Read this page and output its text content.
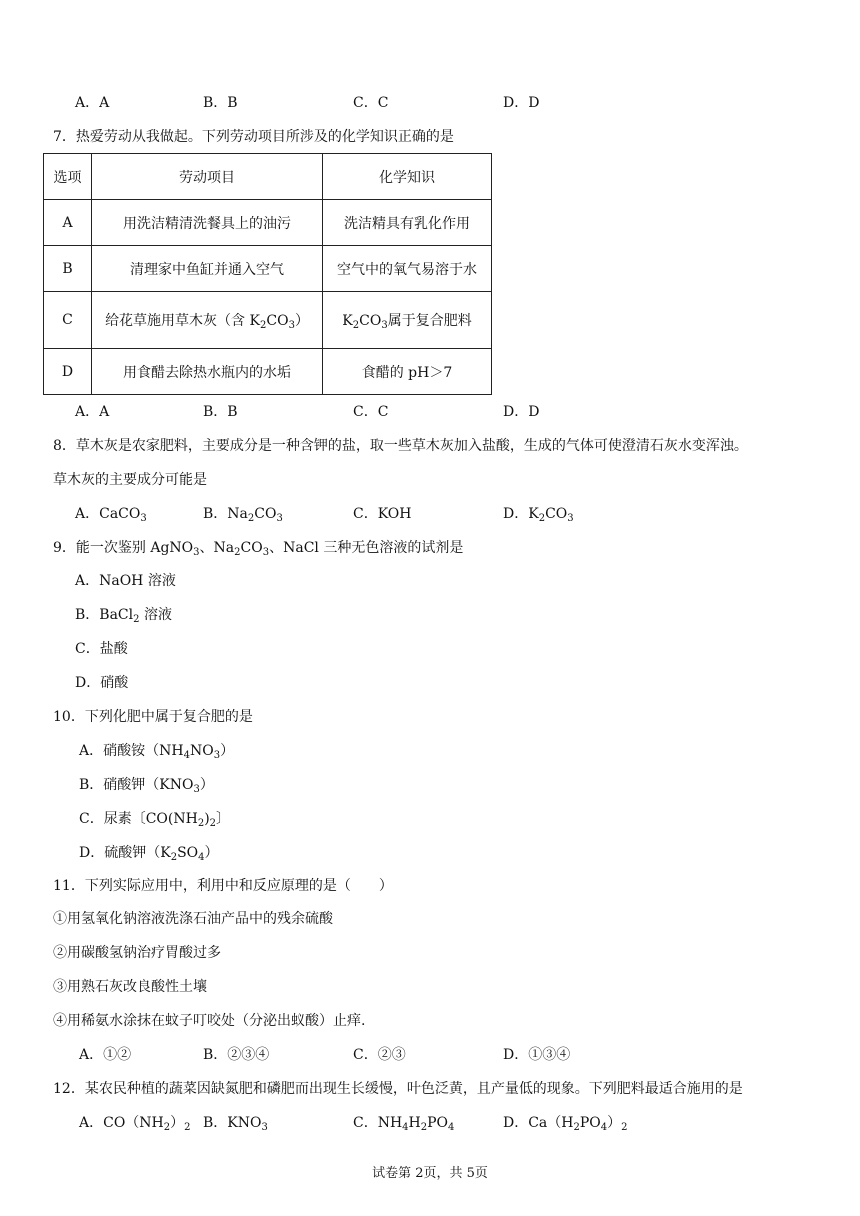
A．A	B．B	C．C	D．D
7．热爱劳动从我做起。下列劳动项目所涉及的化学知识正确的是
选项	劳动项目	化学知识
A	用洗洁精清洗餐具上的油污	洗洁精具有乳化作用
B	清理家中鱼缸并通入空气	空气中的氧气易溶于水
C	给花草施用草木灰（含 $K_2CO_3$）	$K_2CO_3$属于复合肥料
D	用食醋去除热水瓶内的水垢	食醋的 pH＞7
A．A	B．B	C．C	D．D
8．草木灰是农家肥料，主要成分是一种含钾的盐，取一些草木灰加入盐酸，生成的气体可使澄清石灰水变浑浊。
草木灰的主要成分可能是
A．CaCO$_3$	B．$Na_2CO_3$	C．KOH	D．$K_2CO_3$
9．能一次鉴别 AgNO$_3$、$Na_2CO_3$、NaCl 三种无色溶液的试剂是
A．NaOH 溶液
B．BaCl$_2$ 溶液
C．盐酸
D．硝酸
10．下列化肥中属于复合肥的是
A．硝酸铵$(NH_4NO_3)$
B．硝酸钾$(KNO_3)$
C．尿素〔$CO(NH_2)_2$〕
D．硫酸钾$(K_2SO_4)$
11．下列实际应用中，利用中和反应原理的是（　　）
①用氢氧化钠溶液洗涤石油产品中的残余硫酸
②用碳酸氢钠治疗胃酸过多
③用熟石灰改良酸性土壤
④用稀氨水涂抹在蚊子叮咬处（分泌出蚁酸）止痒.
A．①②	B．②③④	C．②③	D．①③④
12．某农民种植的蔬菜因缺氮肥和磷肥而出现生长缓慢，叶色泛黄，且产量低的现象。下列肥料最适合施用的是
A．$CO(NH_2)_2$ B．$KNO_3$	C．$NH_4H_2PO_4$	D．$Ca(H_2PO_4)_2$
试卷第 2页，共 5页
